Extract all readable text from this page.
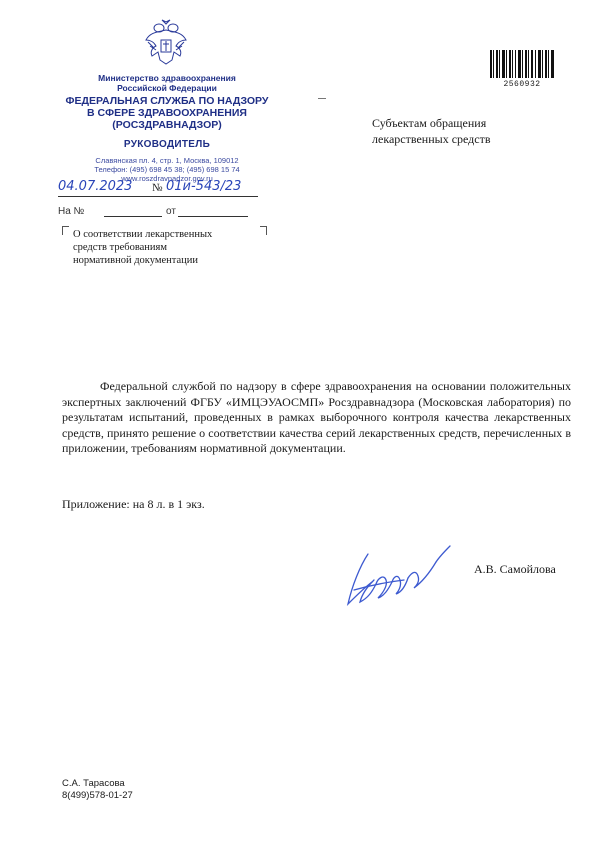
Министерство здравоохранения
Российской Федерации
ФЕДЕРАЛЬНАЯ СЛУЖБА ПО НАДЗОРУ
В СФЕРЕ ЗДРАВООХРАНЕНИЯ
(РОСЗДРАВНАДЗОР)
РУКОВОДИТЕЛЬ
Славянская пл. 4, стр. 1, Москва, 109012
Телефон: (495) 698 45 38; (495) 698 15 74
www.roszdravnadzor.gov.ru
04.07.2023 № 01и-543/23
На №	от
О соответствии лекарственных
средств требованиям
нормативной документации
2560932
Субъектам обращения
лекарственных средств

Федеральной службой по надзору в сфере здравоохранения на основании положительных экспертных заключений ФГБУ «ИМЦЭУАОСМП» Росздравнадзора (Московская лаборатория) по результатам испытаний, проведенных в рамках выборочного контроля качества лекарственных средств, принято решение о соответствии качества серий лекарственных средств, перечисленных в приложении, требованиям нормативной документации.

Приложение: на 8 л. в 1 экз.
А.В. Самойлова
С.А. Тарасова
8(499)578-01-27
